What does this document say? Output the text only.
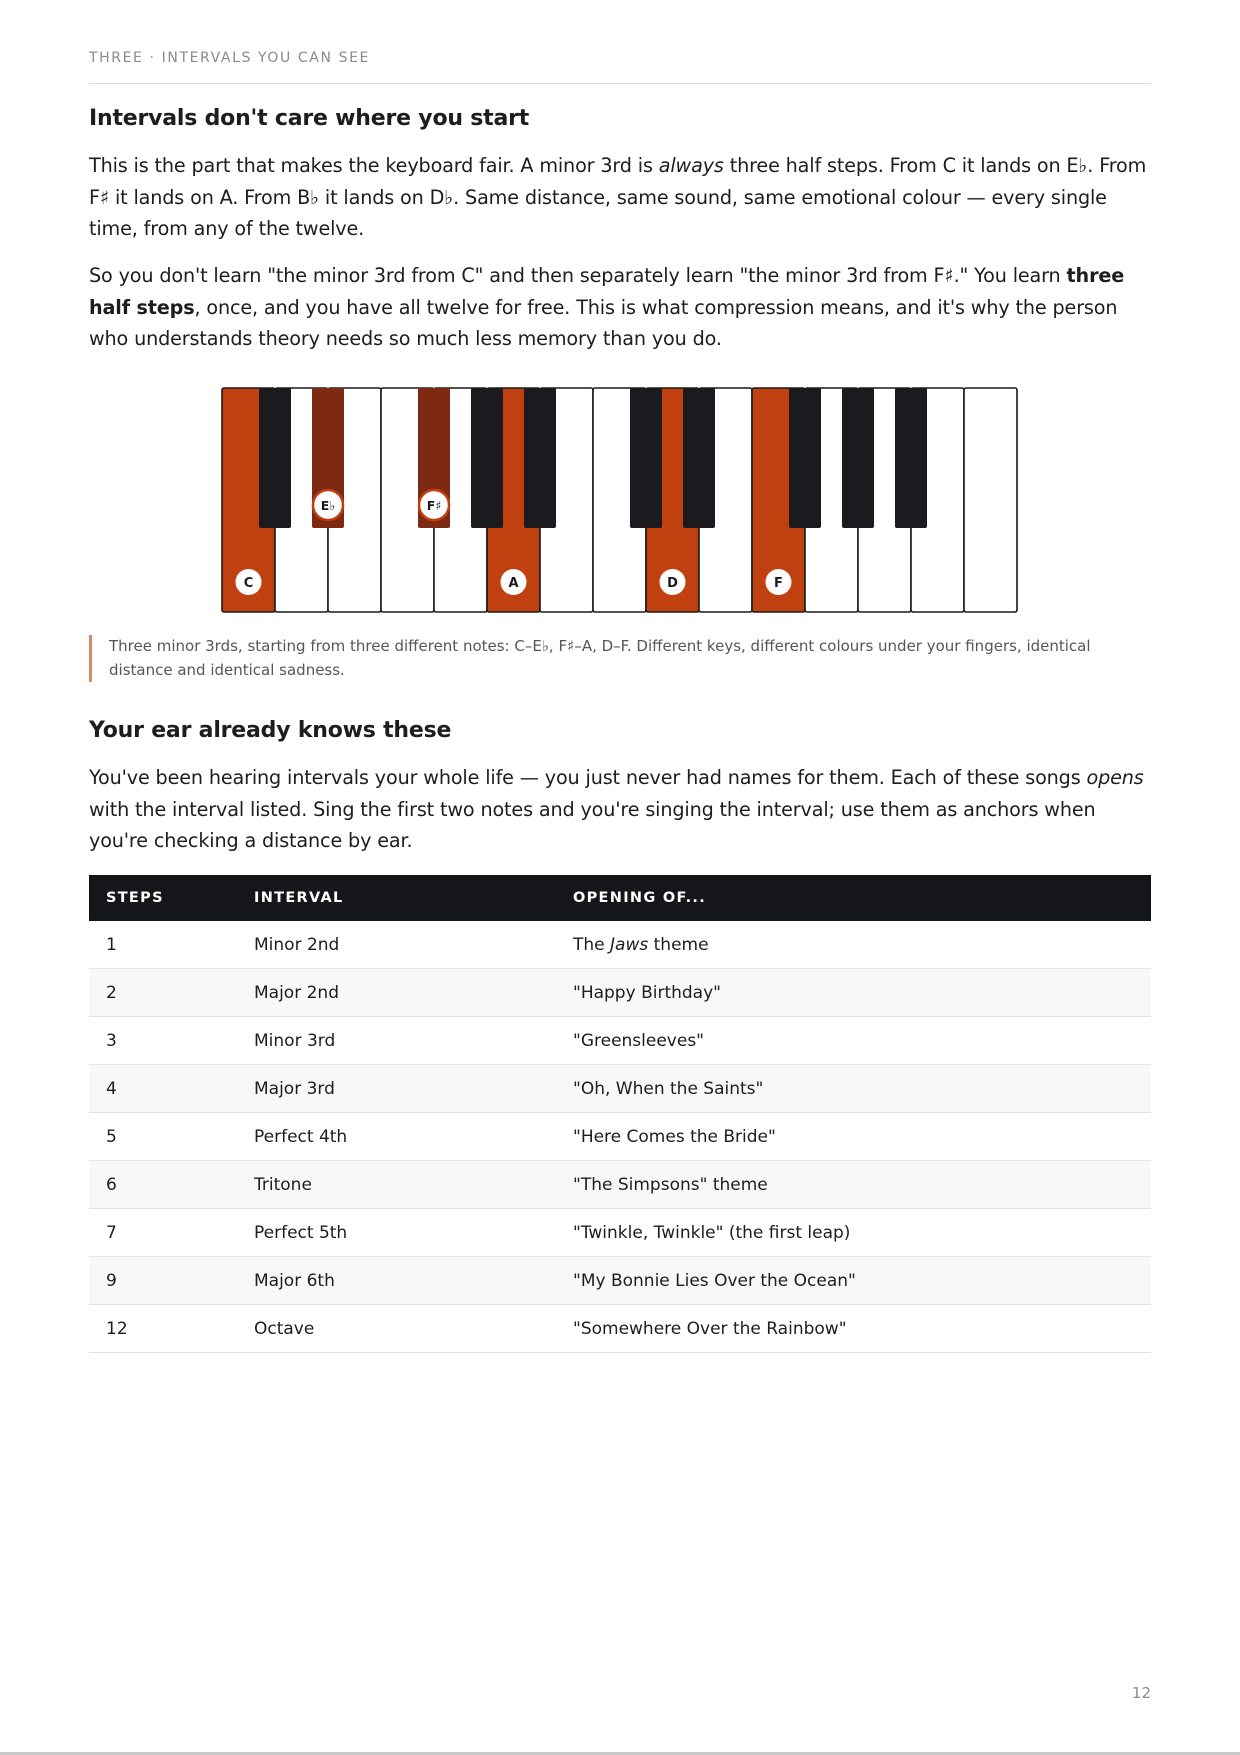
THREE · INTERVALS YOU CAN SEE
Intervals don't care where you start

This is the part that makes the keyboard fair. A minor 3rd is always three half steps. From C it lands on E♭. From F♯ it lands on A. From B♭ it lands on D♭. Same distance, same sound, same emotional colour — every single time, from any of the twelve.

So you don't learn "the minor 3rd from C" and then separately learn "the minor 3rd from F♯." You learn three half steps, once, and you have all twelve for free. This is what compression means, and it's why the person who understands theory needs so much less memory than you do.

C	A	D	F
E♭	F♯
Three minor 3rds, starting from three different notes: C–E♭, F♯–A, D–F. Different keys, different colours under your fingers, identical distance and identical sadness.
Your ear already knows these

You've been hearing intervals your whole life — you just never had names for them. Each of these songs opens with the interval listed. Sing the first two notes and you're singing the interval; use them as anchors when you're checking a distance by ear.

STEPS	INTERVAL	OPENING OF...
1	Minor 2nd	The Jaws theme
2	Major 2nd	"Happy Birthday"
3	Minor 3rd	"Greensleeves"
4	Major 3rd	"Oh, When the Saints"
5	Perfect 4th	"Here Comes the Bride"
6	Tritone	"The Simpsons" theme
7	Perfect 5th	"Twinkle, Twinkle" (the first leap)
9	Major 6th	"My Bonnie Lies Over the Ocean"
12	Octave	"Somewhere Over the Rainbow"
12
